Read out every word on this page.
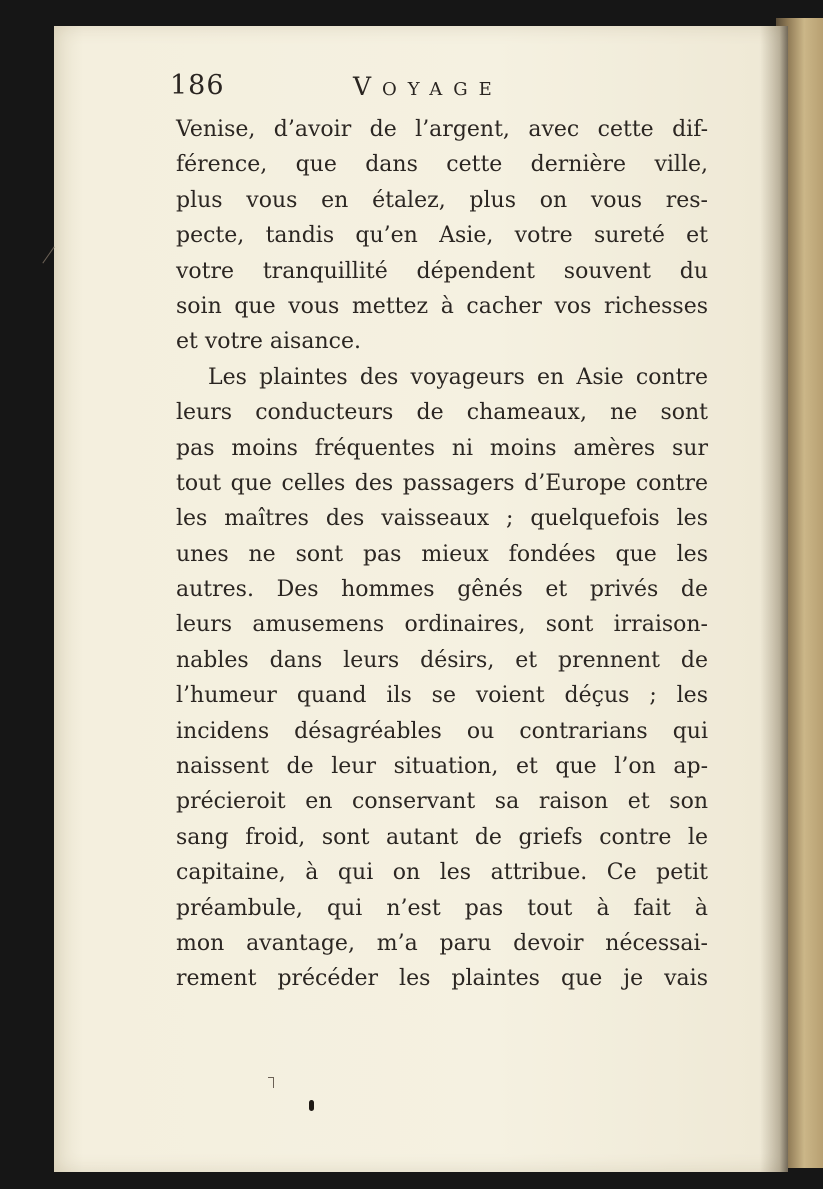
186	Voyage
Venise, d’avoir de l’argent, avec cette dif-
férence, que dans cette dernière ville,
plus vous en étalez, plus on vous res-
pecte, tandis qu’en Asie, votre sureté et
votre tranquillité dépendent souvent du
soin que vous mettez à cacher vos richesses
et votre aisance.
Les plaintes des voyageurs en Asie contre
leurs conducteurs de chameaux, ne sont
pas moins fréquentes ni moins amères sur
tout que celles des passagers d’Europe contre
les maîtres des vaisseaux ; quelquefois les
unes ne sont pas mieux fondées que les
autres. Des hommes gênés et privés de
leurs amusemens ordinaires, sont irraison-
nables dans leurs désirs, et prennent de
l’humeur quand ils se voient déçus ; les
incidens désagréables ou contrarians qui
naissent de leur situation, et que l’on ap-
précieroit en conservant sa raison et son
sang froid, sont autant de griefs contre le
capitaine, à qui on les attribue. Ce petit
préambule, qui n’est pas tout à fait à
mon avantage, m’a paru devoir nécessai-
rement précéder les plaintes que je vais
